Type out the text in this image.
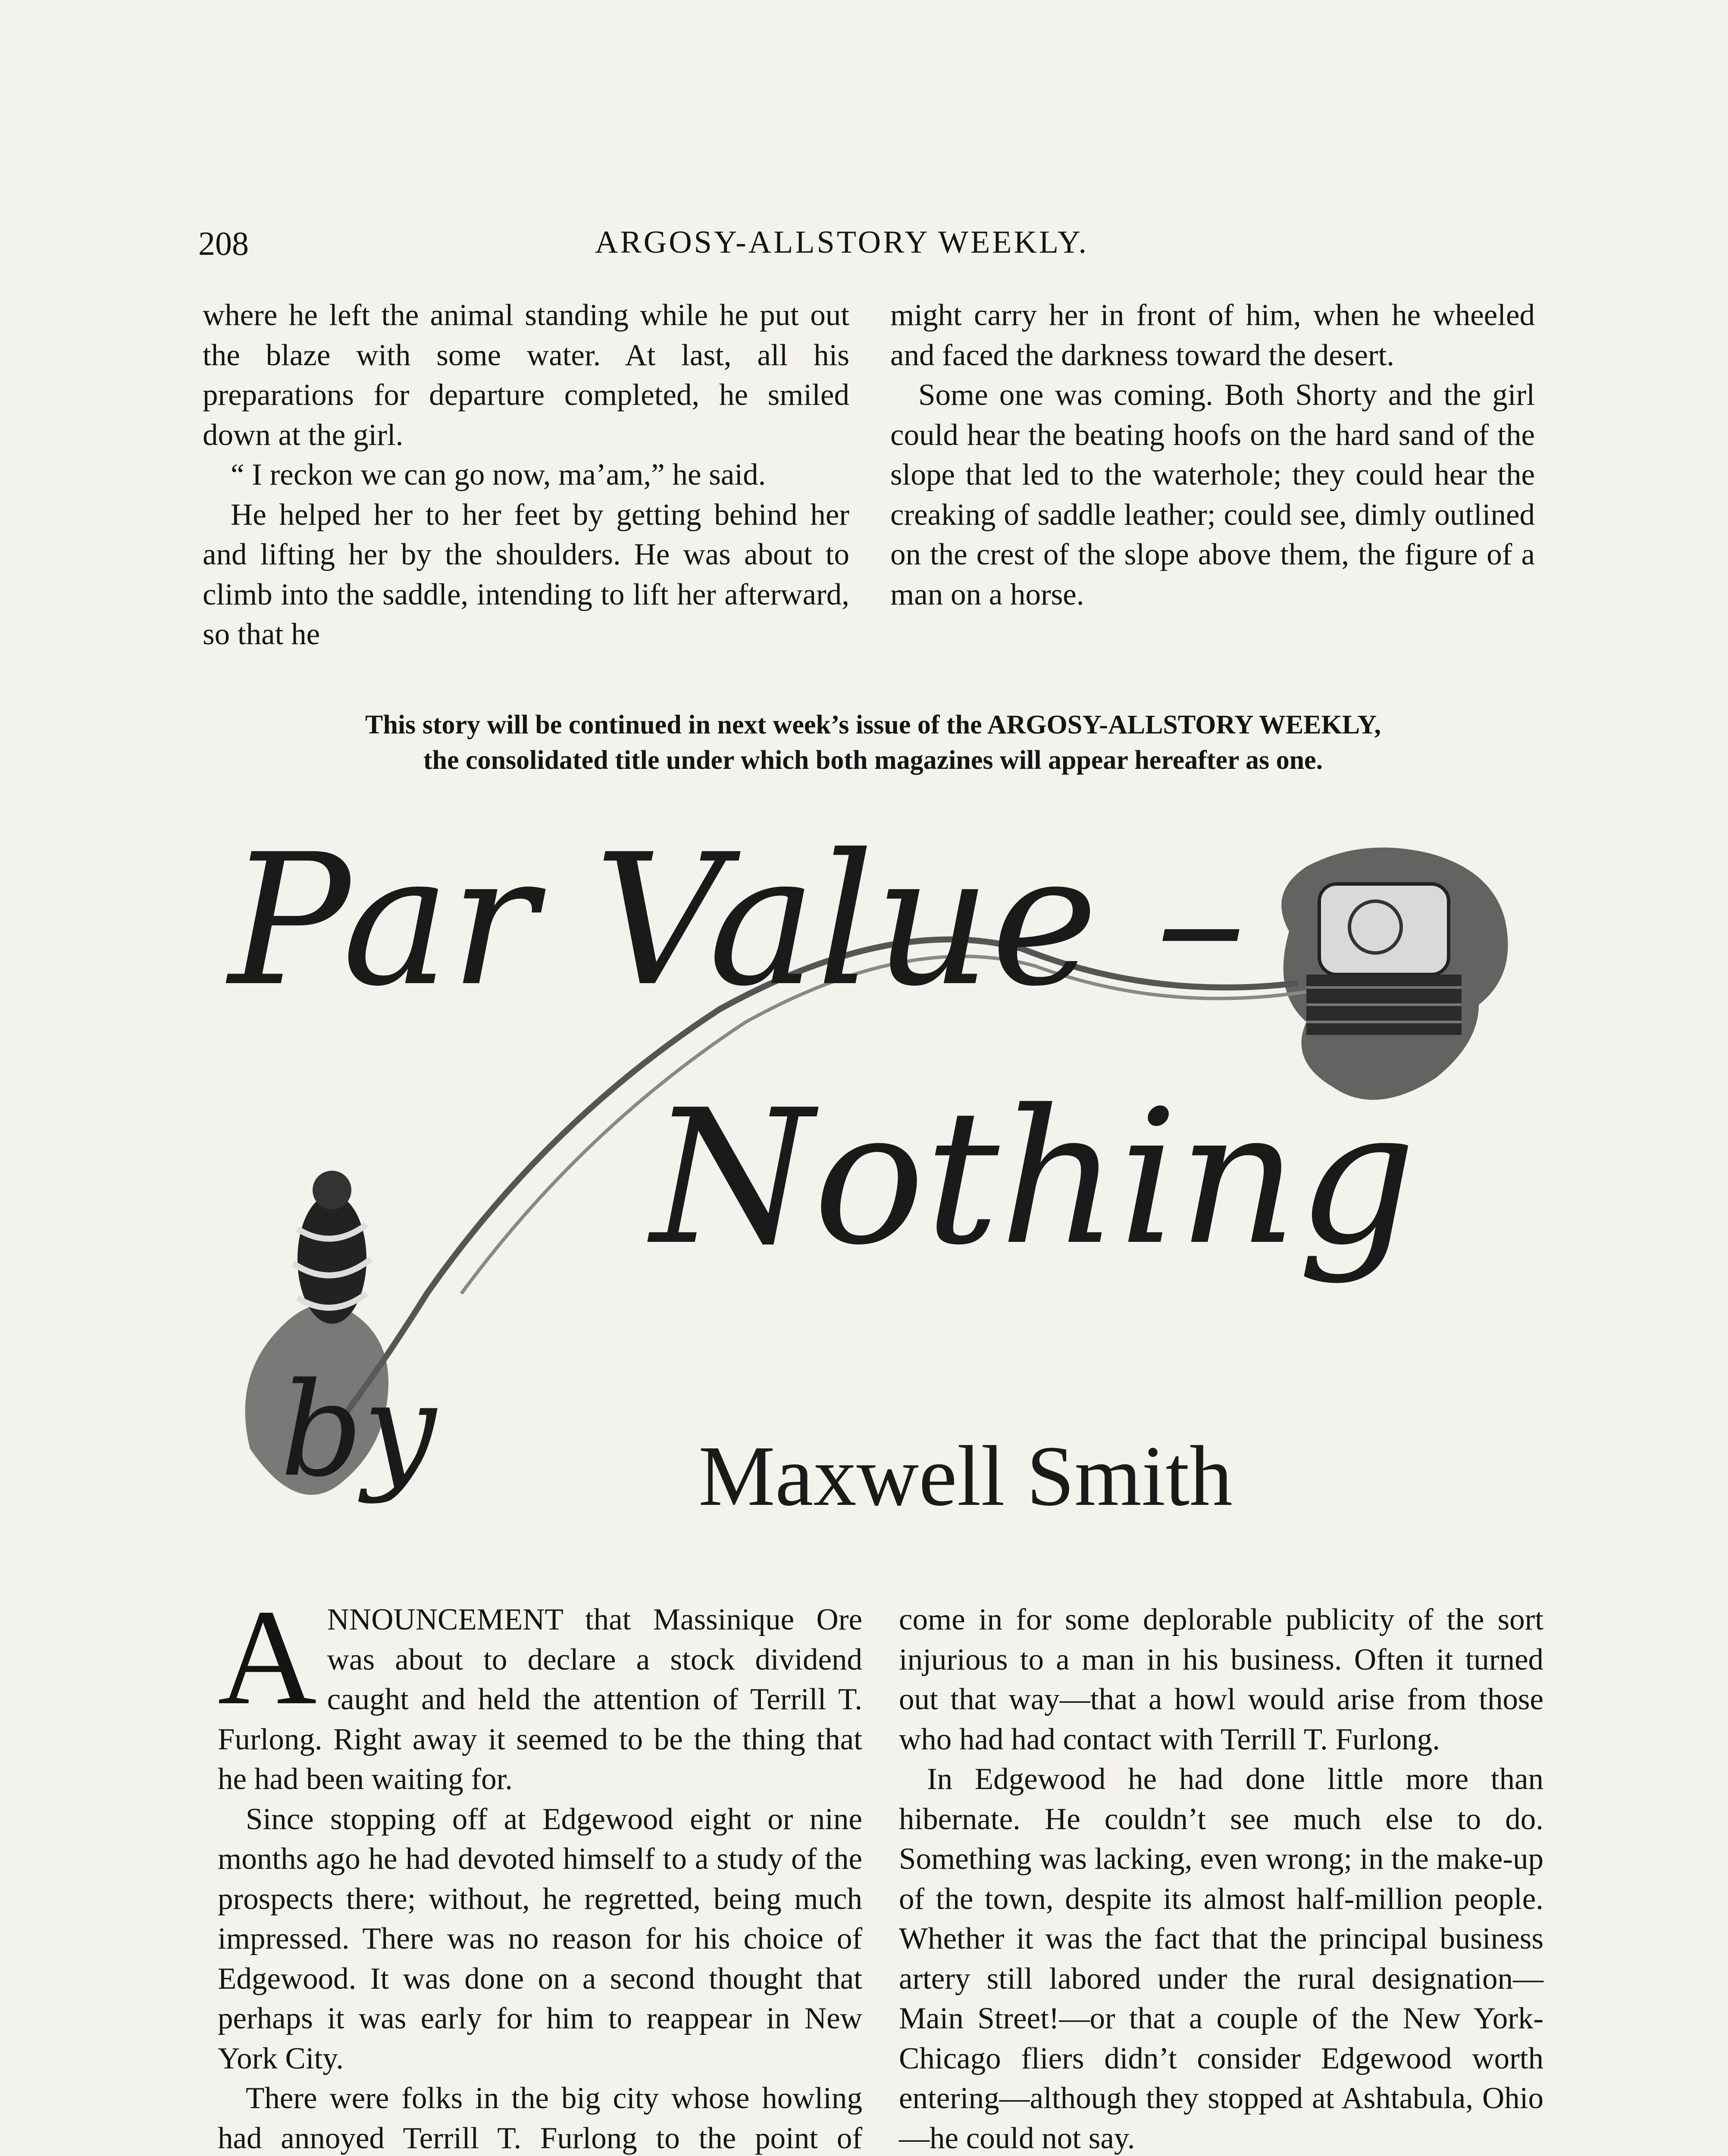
208	ARGOSY-ALLSTORY WEEKLY.

where he left the animal standing while he put out the blaze with some water. At last, all his preparations for departure completed, he smiled down at the girl.

“ I reckon we can go now, ma’am,” he said.

He helped her to her feet by getting behind her and lifting her by the shoulders. He was about to climb into the saddle, intending to lift her afterward, so that he

might carry her in front of him, when he wheeled and faced the darkness toward the desert.

Some one was coming. Both Shorty and the girl could hear the beating hoofs on the hard sand of the slope that led to the waterhole; they could hear the creaking of saddle leather; could see, dimly outlined on the crest of the slope above them, the figure of a man on a horse.

This story will be continued in next week’s issue of the ARGOSY-ALLSTORY WEEKLY,
the consolidated title under which both magazines will appear hereafter as one.
Par Value –
Nothing
by	Maxwell Smith

ANNOUNCEMENT that Massinique Ore was about to declare a stock dividend caught and held the attention of Terrill T. Furlong. Right away it seemed to be the thing that he had been waiting for.

Since stopping off at Edgewood eight or nine months ago he had devoted himself to a study of the prospects there; without, he regretted, being much impressed. There was no reason for his choice of Edgewood. It was done on a second thought that perhaps it was early for him to reappear in New York City.

There were folks in the big city whose howling had annoyed Terrill T. Furlong to the point of

come in for some deplorable publicity of the sort injurious to a man in his business. Often it turned out that way—that a howl would arise from those who had had contact with Terrill T. Furlong.

In Edgewood he had done little more than hibernate. He couldn’t see much else to do. Something was lacking, even wrong; in the make-up of the town, despite its almost half-million people. Whether it was the fact that the principal business artery still labored under the rural designation—Main Street!—or that a couple of the New York-Chicago fliers didn’t consider Edgewood worth entering—although they stopped at Ashtabula, Ohio—he could not say.
